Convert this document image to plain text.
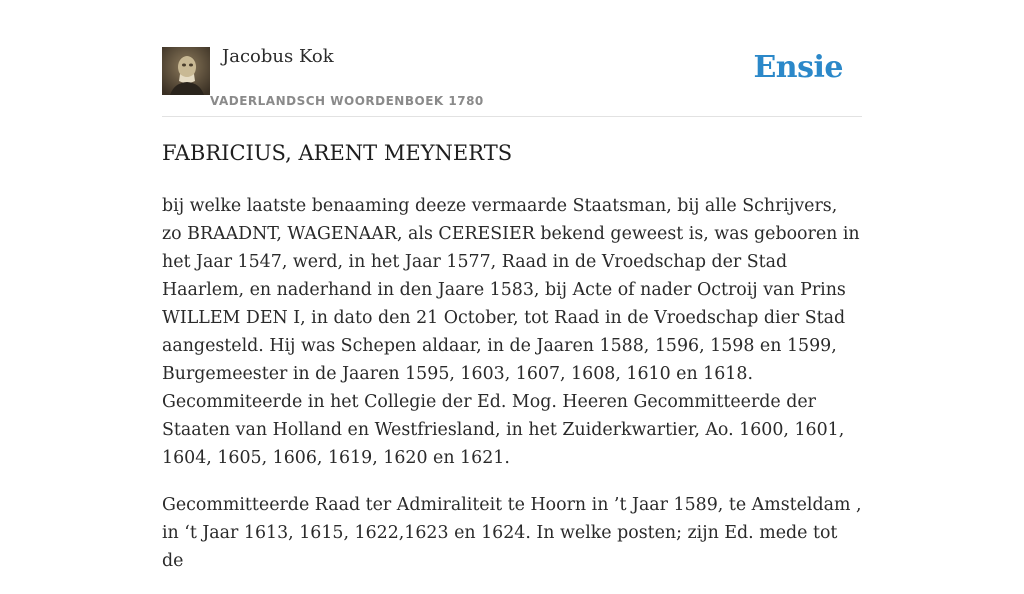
Jacobus Kok
VADERLANDSCH WOORDENBOEK 1780
Ensie
FABRICIUS, ARENT MEYNERTS

bij welke laatste benaaming deeze vermaarde Staatsman, bij alle Schrijvers, zo BRAADNT, WAGENAAR, als CERESIER bekend geweest is, was gebooren in het Jaar 1547, werd, in het Jaar 1577, Raad in de Vroedschap der Stad Haarlem, en naderhand in den Jaare 1583, bij Acte of nader Octroij van Prins WILLEM DEN I, in dato den 21 October, tot Raad in de Vroedschap dier Stad aangesteld. Hij was Schepen aldaar, in de Jaaren 1588, 1596, 1598 en 1599, Burgemeester in de Jaaren 1595, 1603, 1607, 1608, 1610 en 1618. Gecommiteerde in het Collegie der Ed. Mog. Heeren Gecommitteerde der Staaten van Holland en Westfriesland, in het Zuiderkwartier, Ao. 1600, 1601, 1604, 1605, 1606, 1619, 1620 en 1621.

Gecommitteerde Raad ter Admiraliteit te Hoorn in ’t Jaar 1589, te Amsteldam , in ‘t Jaar 1613, 1615, 1622,1623 en 1624. In welke posten; zijn Ed. mede tot de
